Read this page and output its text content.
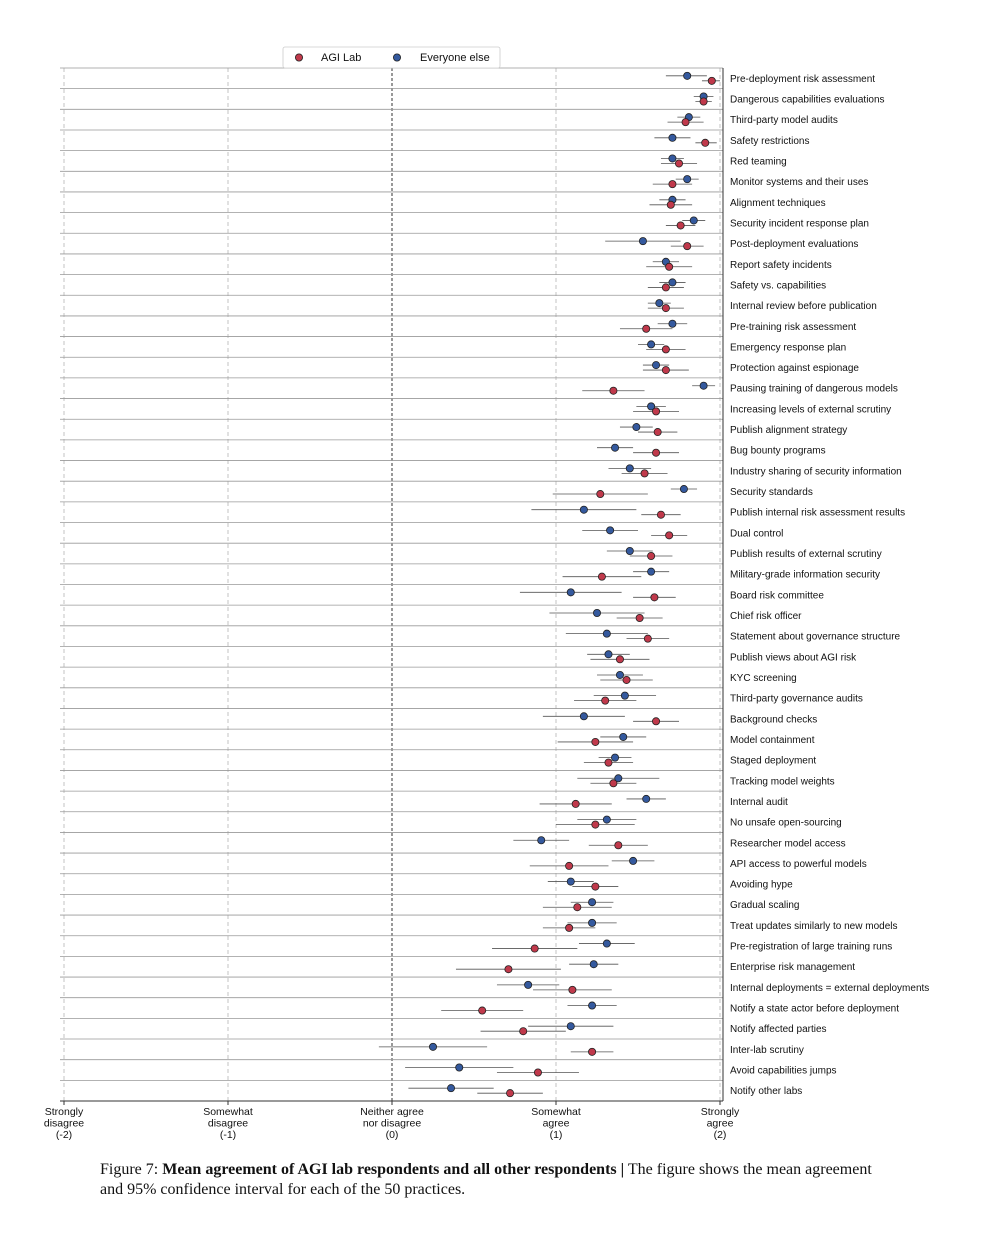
Pre-deployment risk assessment
Dangerous capabilities evaluations
Third-party model audits
Safety restrictions
Red teaming
Monitor systems and their uses
Alignment techniques
Security incident response plan
Post-deployment evaluations
Report safety incidents
Safety vs. capabilities
Internal review before publication
Pre-training risk assessment
Emergency response plan
Protection against espionage
Pausing training of dangerous models
Increasing levels of external scrutiny
Publish alignment strategy
Bug bounty programs
Industry sharing of security information
Security standards
Publish internal risk assessment results
Dual control
Publish results of external scrutiny
Military-grade information security
Board risk committee
Chief risk officer
Statement about governance structure
Publish views about AGI risk
KYC screening
Third-party governance audits
Background checks
Model containment
Staged deployment
Tracking model weights
Internal audit
No unsafe open-sourcing
Researcher model access
API access to powerful models
Avoiding hype
Gradual scaling
Treat updates similarly to new models
Pre-registration of large training runs
Enterprise risk management
Internal deployments = external deployments
Notify a state actor before deployment
Notify affected parties
Inter-lab scrutiny
Avoid capabilities jumps
Notify other labs
Strongly disagree (-2)
Somewhat disagree (-1)
Neither agree nor disagree (0)
Somewhat agree (1)
Strongly agree (2)
AGI Lab	Everyone else
Figure 7: Mean agreement of AGI lab respondents and all other respondents | The figure shows the mean agreement and 95% confidence interval for each of the 50 practices.
